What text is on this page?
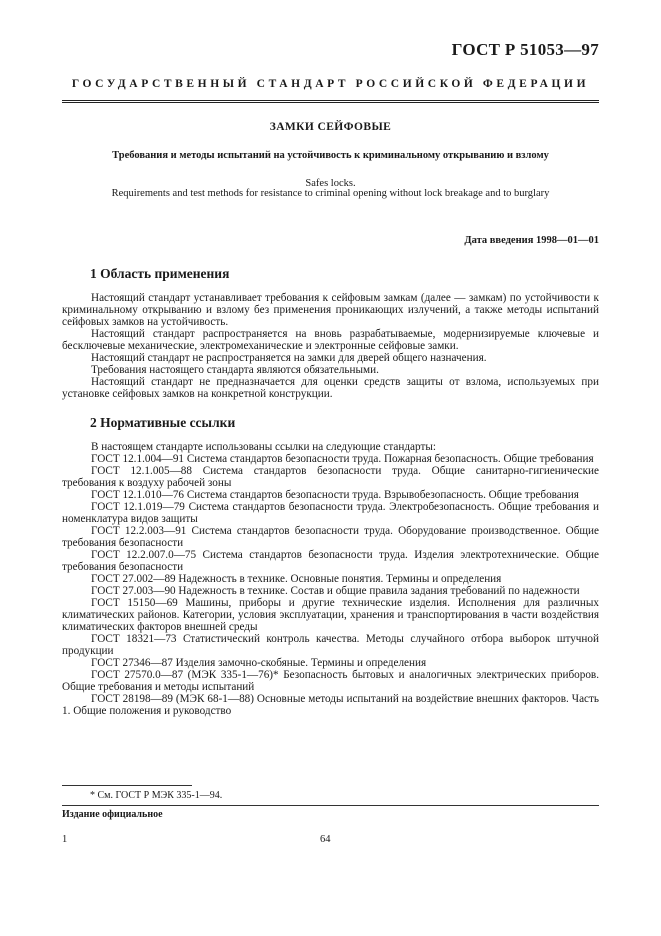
ГОСТ Р 51053—97
ГОСУДАРСТВЕННЫЙ СТАНДАРТ РОССИЙСКОЙ ФЕДЕРАЦИИ
ЗАМКИ СЕЙФОВЫЕ
Требования и методы испытаний на устойчивость к криминальному открыванию и взлому
Safes locks.
Requirements and test methods for resistance to criminal opening without lock breakage and to burglary
Дата введения 1998—01—01
1 Область применения

Настоящий стандарт устанавливает требования к сейфовым замкам (далее — замкам) по устойчивости к криминальному открыванию и взлому без применения проникающих излучений, а также методы испытаний сейфовых замков на устойчивость.

Настоящий стандарт распространяется на вновь разрабатываемые, модернизируемые ключевые и бесключевые механические, электромеханические и электронные сейфовые замки.

Настоящий стандарт не распространяется на замки для дверей общего назначения.

Требования настоящего стандарта являются обязательными.

Настоящий стандарт не предназначается для оценки средств защиты от взлома, используемых при установке сейфовых замков на конкретной конструкции.

2 Нормативные ссылки

В настоящем стандарте использованы ссылки на следующие стандарты:

ГОСТ 12.1.004—91 Система стандартов безопасности труда. Пожарная безопасность. Общие требования

ГОСТ 12.1.005—88 Система стандартов безопасности труда. Общие санитарно-гигиенические требования к воздуху рабочей зоны

ГОСТ 12.1.010—76 Система стандартов безопасности труда. Взрывобезопасность. Общие требования

ГОСТ 12.1.019—79 Система стандартов безопасности труда. Электробезопасность. Общие требования и номенклатура видов защиты

ГОСТ 12.2.003—91 Система стандартов безопасности труда. Оборудование производственное. Общие требования безопасности

ГОСТ 12.2.007.0—75 Система стандартов безопасности труда. Изделия электротехнические. Общие требования безопасности

ГОСТ 27.002—89 Надежность в технике. Основные понятия. Термины и определения

ГОСТ 27.003—90 Надежность в технике. Состав и общие правила задания требований по надежности

ГОСТ 15150—69 Машины, приборы и другие технические изделия. Исполнения для различных климатических районов. Категории, условия эксплуатации, хранения и транспортирования в части воздействия климатических факторов внешней среды

ГОСТ 18321—73 Статистический контроль качества. Методы случайного отбора выборок штучной продукции

ГОСТ 27346—87 Изделия замочно-скобяные. Термины и определения

ГОСТ 27570.0—87 (МЭК 335-1—76)* Безопасность бытовых и аналогичных электрических приборов. Общие требования и методы испытаний

ГОСТ 28198—89 (МЭК 68-1—88) Основные методы испытаний на воздействие внешних факторов. Часть 1. Общие положения и руководство

* См. ГОСТ Р МЭК 335-1—94.
Издание официальное
1	64
